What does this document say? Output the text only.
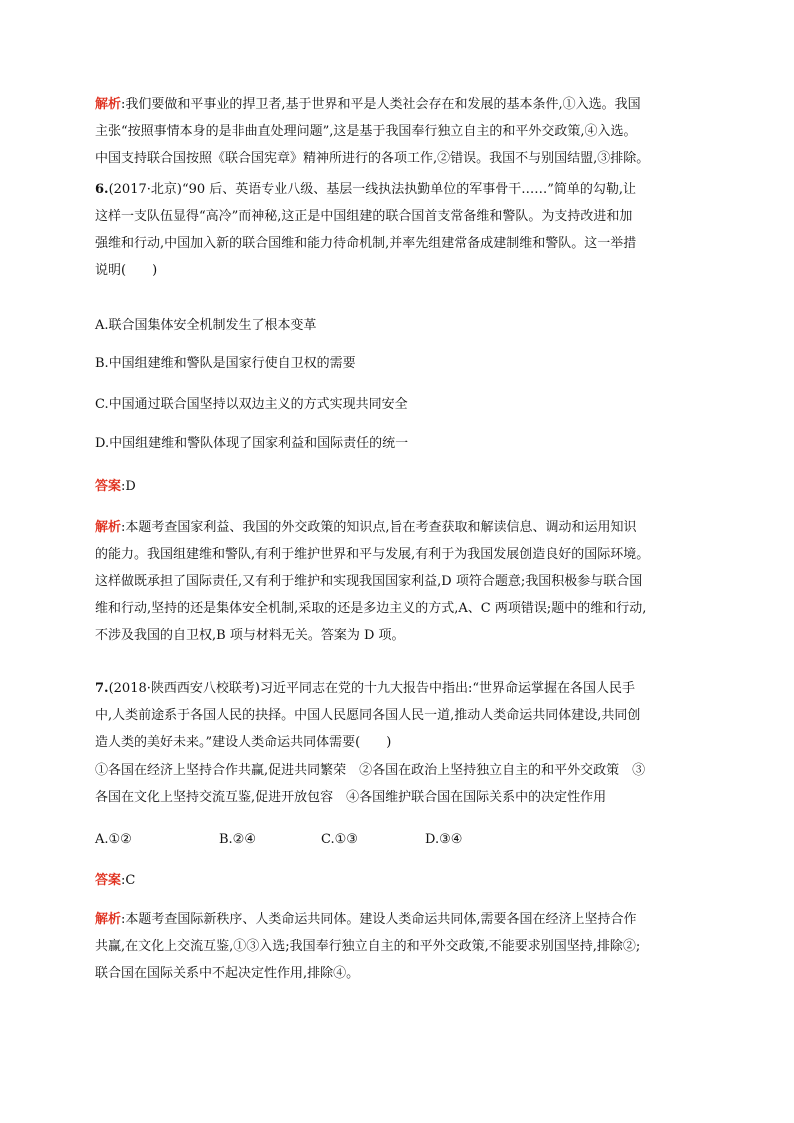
解析:我们要做和平事业的捍卫者,基于世界和平是人类社会存在和发展的基本条件,①入选。我国
主张“按照事情本身的是非曲直处理问题”,这是基于我国奉行独立自主的和平外交政策,④入选。
中国支持联合国按照《联合国宪章》精神所进行的各项工作,②错误。我国不与别国结盟,③排除。
6.(2017·北京)“90 后、英语专业八级、基层一线执法执勤单位的军事骨干……”简单的勾勒,让
这样一支队伍显得“高冷”而神秘,这正是中国组建的联合国首支常备维和警队。为支持改进和加
强维和行动,中国加入新的联合国维和能力待命机制,并率先组建常备成建制维和警队。这一举措
说明(　　)
A.联合国集体安全机制发生了根本变革
B.中国组建维和警队是国家行使自卫权的需要
C.中国通过联合国坚持以双边主义的方式实现共同安全
D.中国组建维和警队体现了国家利益和国际责任的统一
答案:D
解析:本题考查国家利益、我国的外交政策的知识点,旨在考查获取和解读信息、调动和运用知识
的能力。我国组建维和警队,有利于维护世界和平与发展,有利于为我国发展创造良好的国际环境。
这样做既承担了国际责任,又有利于维护和实现我国国家利益,D 项符合题意;我国积极参与联合国
维和行动,坚持的还是集体安全机制,采取的还是多边主义的方式,A、C 两项错误;题中的维和行动,
不涉及我国的自卫权,B 项与材料无关。答案为 D 项。
7.(2018·陕西西安八校联考)习近平同志在党的十九大报告中指出:“世界命运掌握在各国人民手
中,人类前途系于各国人民的抉择。中国人民愿同各国人民一道,推动人类命运共同体建设,共同创
造人类的美好未来。”建设人类命运共同体需要(　　)
①各国在经济上坚持合作共赢,促进共同繁荣　②各国在政治上坚持独立自主的和平外交政策　③
各国在文化上坚持交流互鉴,促进开放包容　④各国维护联合国在国际关系中的决定性作用
A.①②	B.②④	C.①③	D.③④
答案:C
解析:本题考查国际新秩序、人类命运共同体。建设人类命运共同体,需要各国在经济上坚持合作
共赢,在文化上交流互鉴,①③入选;我国奉行独立自主的和平外交政策,不能要求别国坚持,排除②;
联合国在国际关系中不起决定性作用,排除④。
